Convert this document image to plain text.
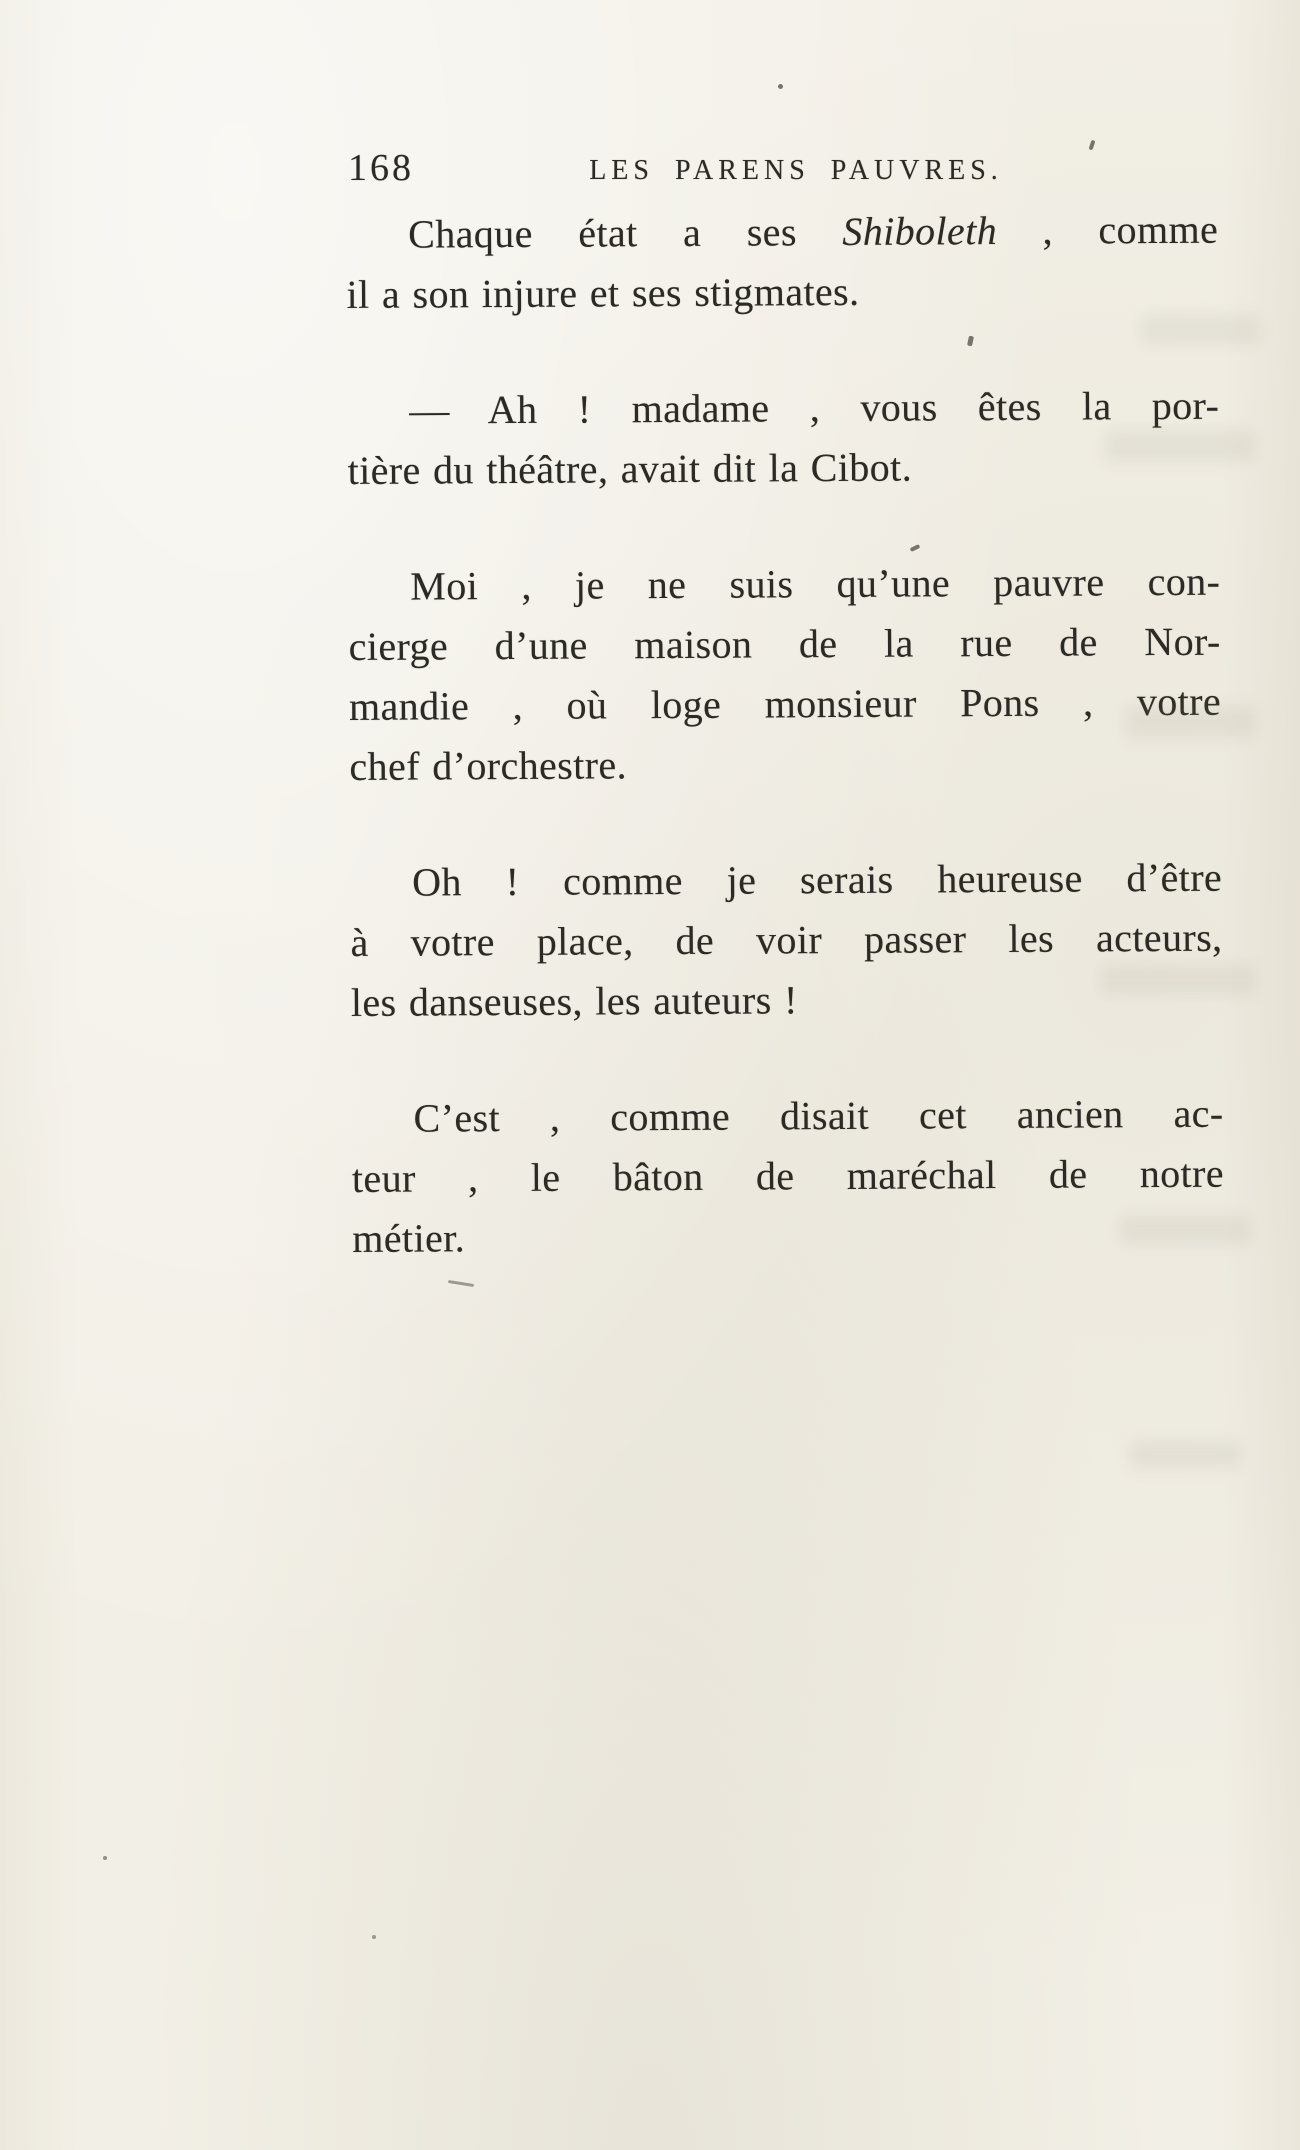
168	LES PARENS PAUVRES.
Chaque état a ses Shiboleth , comme
il a son injure et ses stigmates.
— Ah ! madame , vous êtes la por-
tière du théâtre, avait dit la Cibot.
Moi , je ne suis qu’une pauvre con-
cierge d’une maison de la rue de Nor-
mandie , où loge monsieur Pons , votre
chef d’orchestre.
Oh ! comme je serais heureuse d’être
à votre place, de voir passer les acteurs,
les danseuses, les auteurs !
C’est , comme disait cet ancien ac-
teur , le bâton de maréchal de notre
métier.
